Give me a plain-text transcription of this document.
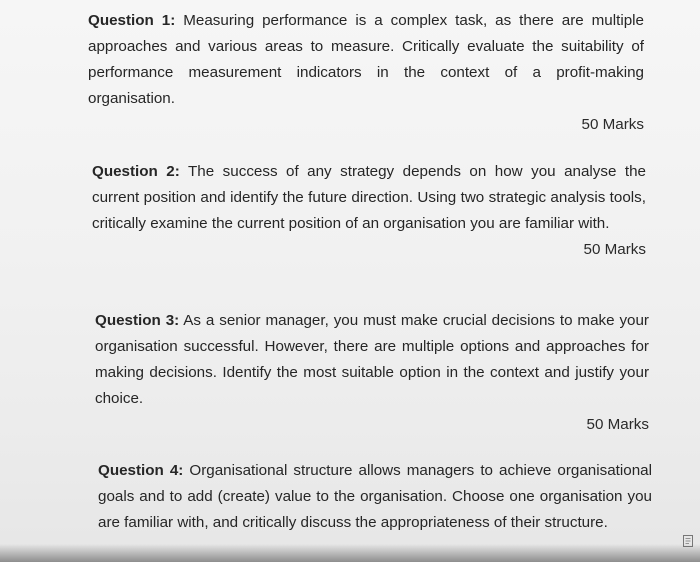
Question 1: Measuring performance is a complex task, as there are multiple approaches and various areas to measure. Critically evaluate the suitability of performance measurement indicators in the context of a profit-making organisation.

50 Marks

Question 2: The success of any strategy depends on how you analyse the current position and identify the future direction. Using two strategic analysis tools, critically examine the current position of an organisation you are familiar with.

50 Marks

Question 3: As a senior manager, you must make crucial decisions to make your organisation successful. However, there are multiple options and approaches for making decisions. Identify the most suitable option in the context and justify your choice.

50 Marks

Question 4: Organisational structure allows managers to achieve organisational goals and to add (create) value to the organisation. Choose one organisation you are familiar with, and critically discuss the appropriateness of their structure.
